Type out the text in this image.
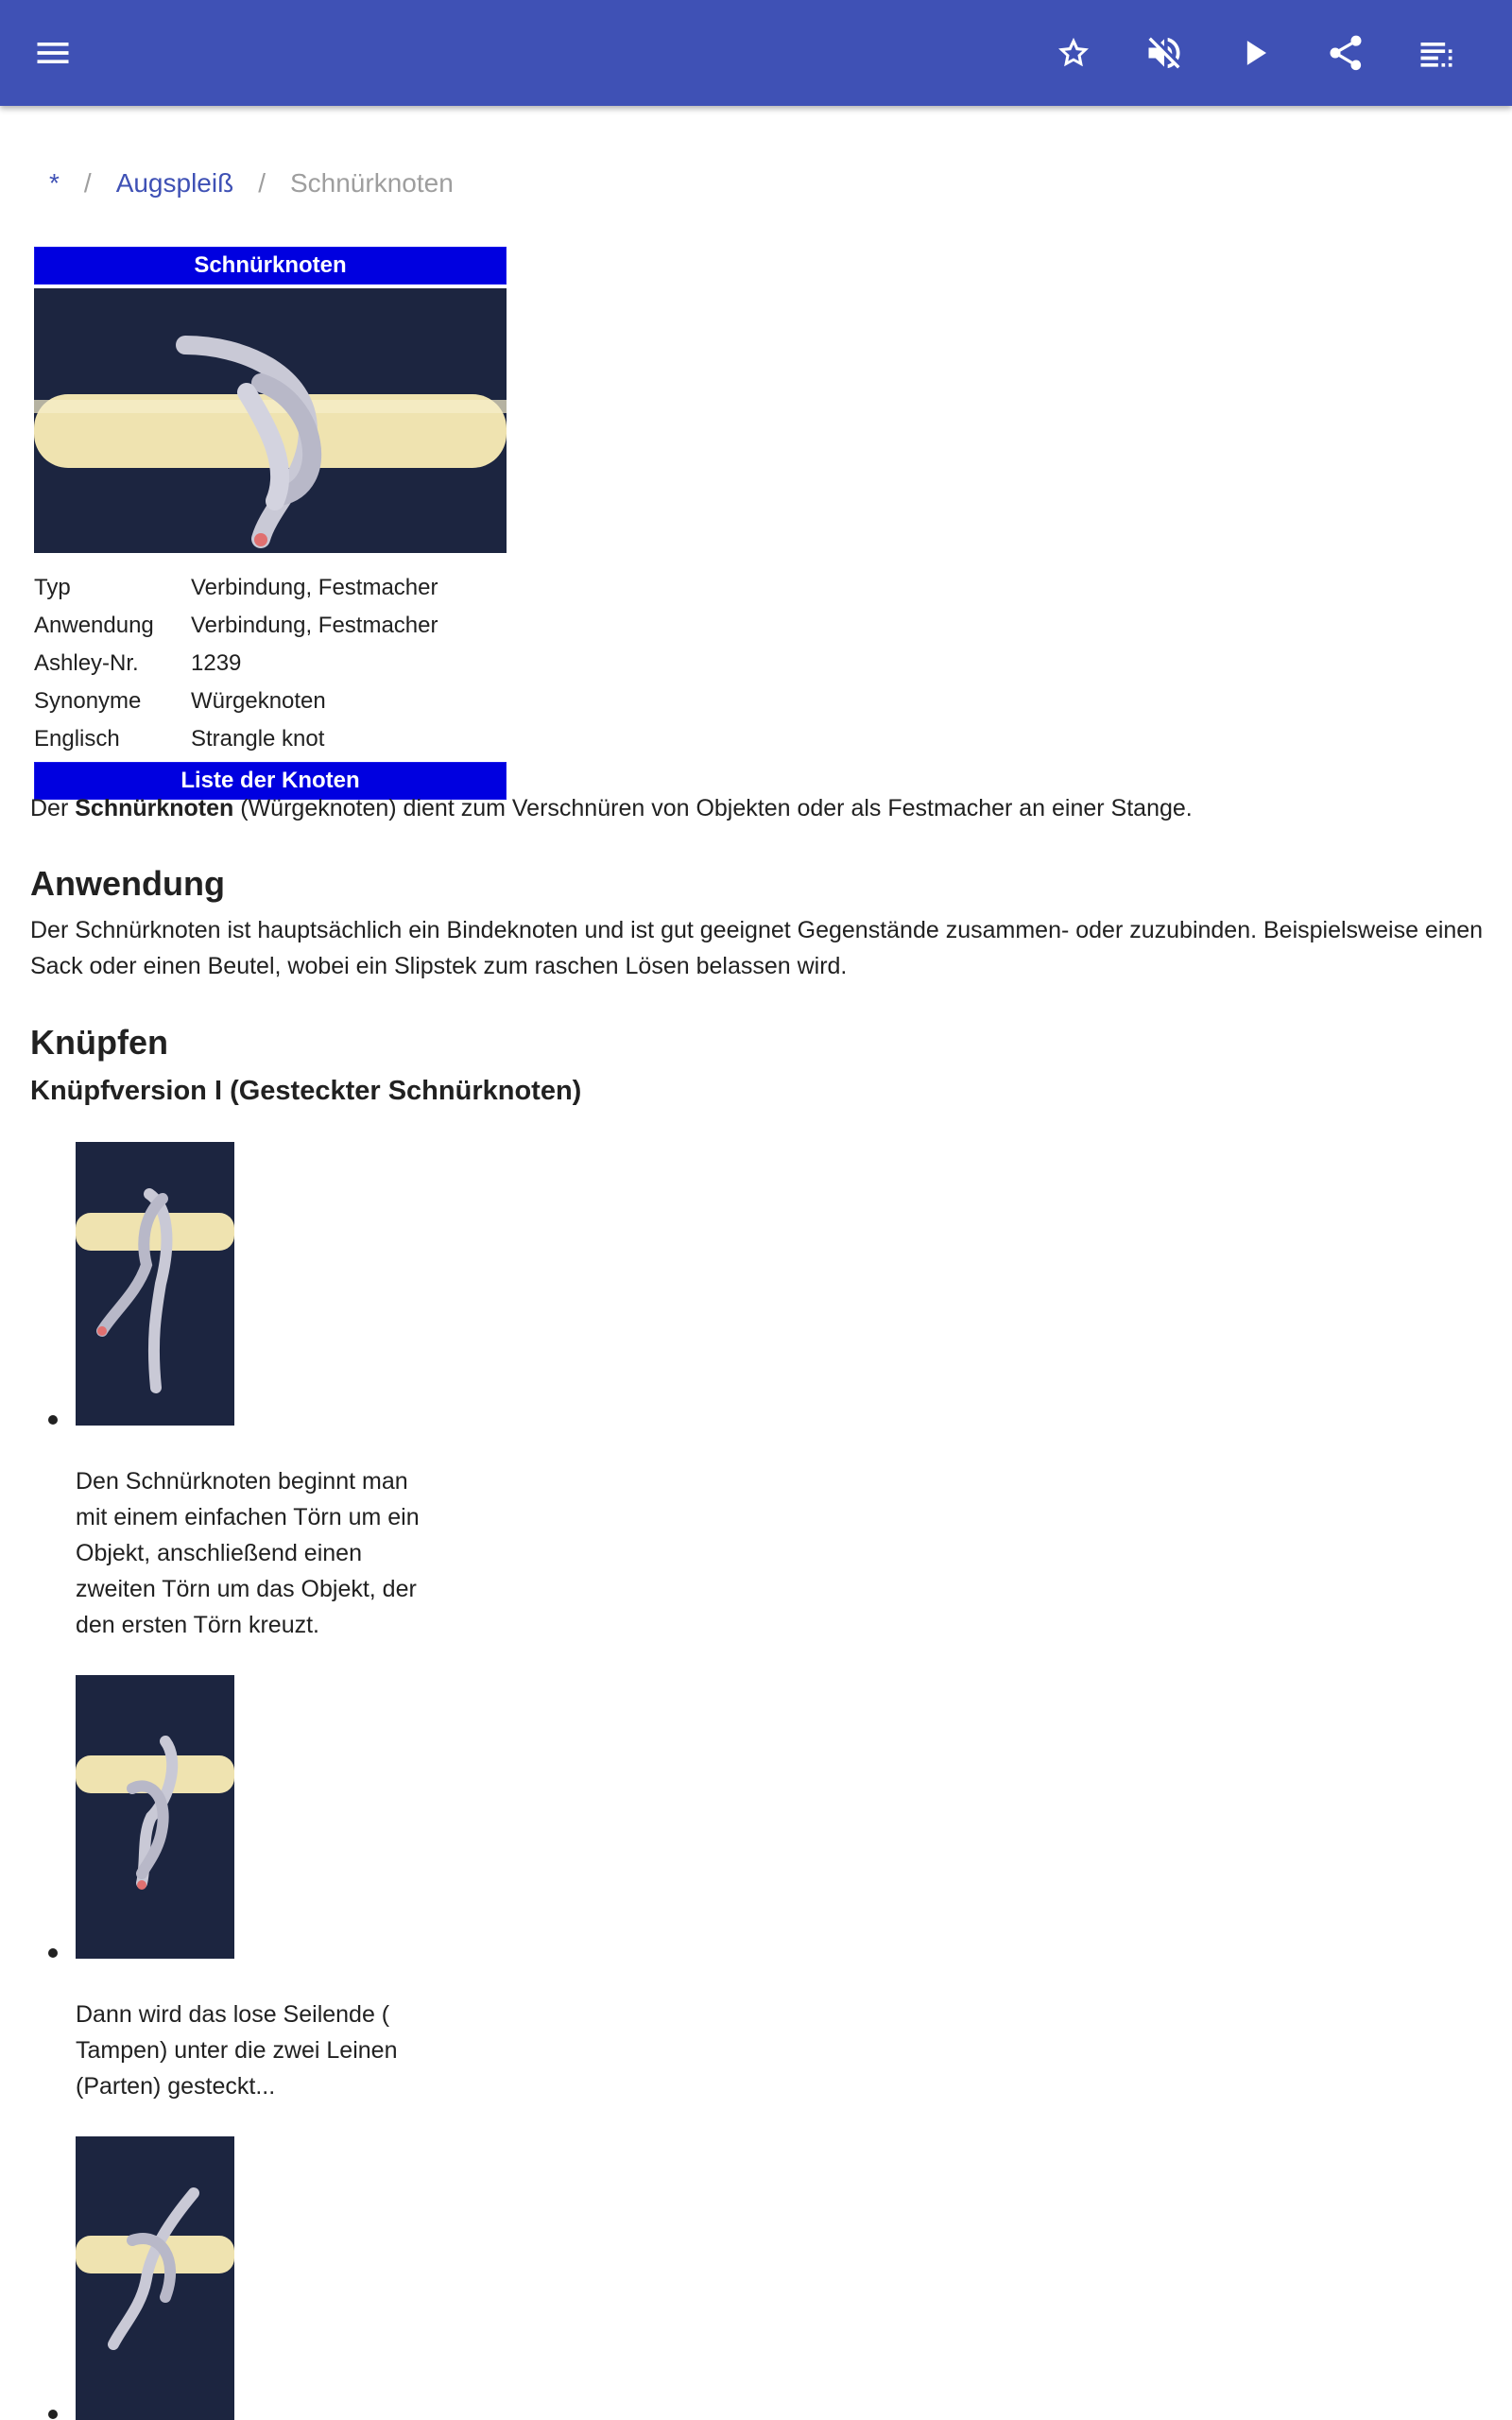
* / Augspleiß / Schnürknoten
Schnürknoten
Typ	Verbindung, Festmacher
Anwendung	Verbindung, Festmacher
Ashley-Nr.	1239
Synonyme	Würgeknoten
Englisch	Strangle knot
Liste der Knoten
Der Schnürknoten (Würgeknoten) dient zum Verschnüren von Objekten oder als Festmacher an einer Stange.
Anwendung
Der Schnürknoten ist hauptsächlich ein Bindeknoten und ist gut geeignet Gegenstände zusammen- oder zuzubinden. Beispielsweise einen Sack oder einen Beutel, wobei ein Slipstek zum raschen Lösen belassen wird.
Knüpfen
Knüpfversion I (Gesteckter Schnürknoten)
Den Schnürknoten beginnt man mit einem einfachen Törn um ein Objekt, anschließend einen zweiten Törn um das Objekt, der den ersten Törn kreuzt.
Dann wird das lose Seilende ( Tampen) unter die zwei Leinen (Parten) gesteckt...
